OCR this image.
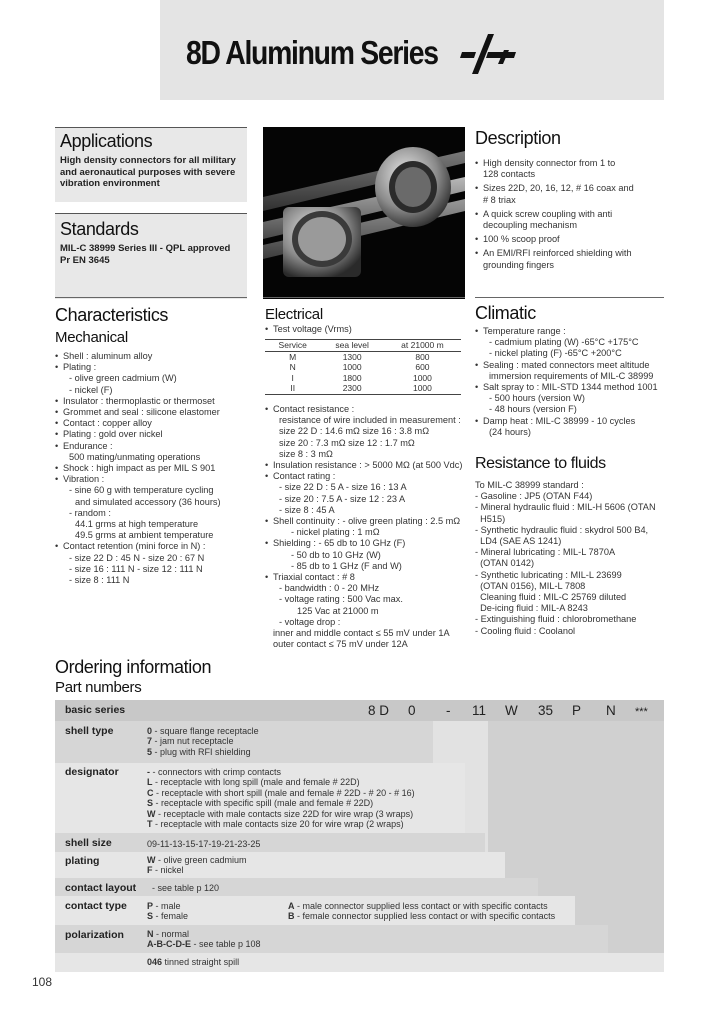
8D Aluminum Series
Applications
High density connectors for all military
and aeronautical purposes with severe
vibration environment
Standards
MIL-C 38999 Series III - QPL approved
Pr EN 3645
Description
• High density connector from 1 to
128 contacts
• Sizes 22D, 20, 16, 12, # 16 coax and
# 8 triax
• A quick screw coupling with anti
decoupling mechanism
• 100 % scoop proof
• An EMI/RFI reinforced shielding with
grounding fingers
Characteristics
Mechanical
• Shell : aluminum alloy
• Plating :
- olive green cadmium (W)
- nickel (F)
• Insulator : thermoplastic or thermoset
• Grommet and seal : silicone elastomer
• Contact : copper alloy
• Plating : gold over nickel
• Endurance :
500 mating/unmating operations
• Shock : high impact as per MIL S 901
• Vibration :
- sine 60 g with temperature cycling
and simulated accessory (36 hours)
- random :
44.1 grms at high temperature
49.5 grms at ambient temperature
• Contact retention (mini force in N) :
- size 22 D : 45 N - size 20 : 67 N
- size 16 : 111 N - size 12 : 111 N
- size 8 : 111 N
Electrical
• Test voltage (Vrms)
Service	sea level	at 21000 m
M	1300	800
N	1000	600
I	1800	1000
II	2300	1000
• Contact resistance :
resistance of wire included in measurement :
size 22 D : 14.6 mΩ size 16 : 3.8 mΩ
size 20 : 7.3 mΩ size 12 : 1.7 mΩ
size 8 : 3 mΩ
• Insulation resistance : > 5000 MΩ (at 500 Vdc)
• Contact rating :
- size 22 D : 5 A - size 16 : 13 A
- size 20 : 7.5 A - size 12 : 23 A
- size 8 : 45 A
• Shell continuity : - olive green plating : 2.5 mΩ
- nickel plating : 1 mΩ
• Shielding : - 65 db to 10 GHz (F)
- 50 db to 10 GHz (W)
- 85 db to 1 GHz (F and W)
• Triaxial contact : # 8
- bandwidth : 0 - 20 MHz
- voltage rating : 500 Vac max.
125 Vac at 21000 m
- voltage drop :
inner and middle contact ≤ 55 mV under 1A
outer contact ≤ 75 mV under 12A
Climatic
• Temperature range :
- cadmium plating (W) -65°C +175°C
- nickel plating (F) -65°C +200°C
• Sealing : mated connectors meet altitude
immersion requirements of MIL-C 38999
• Salt spray to : MIL-STD 1344 method 1001
- 500 hours (version W)
- 48 hours (version F)
• Damp heat : MIL-C 38999 - 10 cycles
(24 hours)
Resistance to fluids
To MIL-C 38999 standard :
- Gasoline : JP5 (OTAN F44)
- Mineral hydraulic fluid : MIL-H 5606 (OTAN
H515)
- Synthetic hydraulic fluid : skydrol 500 B4,
LD4 (SAE AS 1241)
- Mineral lubricating : MIL-L 7870A
(OTAN 0142)
- Synthetic lubricating : MIL-L 23699
(OTAN 0156), MIL-L 7808
Cleaning fluid : MIL-C 25769 diluted
De-icing fluid : MIL-A 8243
- Extinguishing fluid : chlorobromethane
- Cooling fluid : Coolanol
Ordering information
Part numbers
basic series	8 D 0 - 11 W 35 P N ***
shell type	0 - square flange receptacle
7 - jam nut receptacle
5 - plug with RFI shielding
designator	- - connectors with crimp contacts
L - receptacle with long spill (male and female # 22D)
C - receptacle with short spill (male and female # 22D - # 20 - # 16)
S - receptacle with specific spill (male and female # 22D)
W - receptacle with male contacts size 22D for wire wrap (3 wraps)
T - receptacle with male contacts size 20 for wire wrap (2 wraps)
shell size	09-11-13-15-17-19-21-23-25
plating	W - olive green cadmium
F - nickel
contact layout - see table p 120
contact type P - male
S - female
A - male connector supplied less contact or with specific contacts
B - female connector supplied less contact or with specific contacts
polarization	N - normal
A-B-C-D-E - see table p 108
046 tinned straight spill
108
